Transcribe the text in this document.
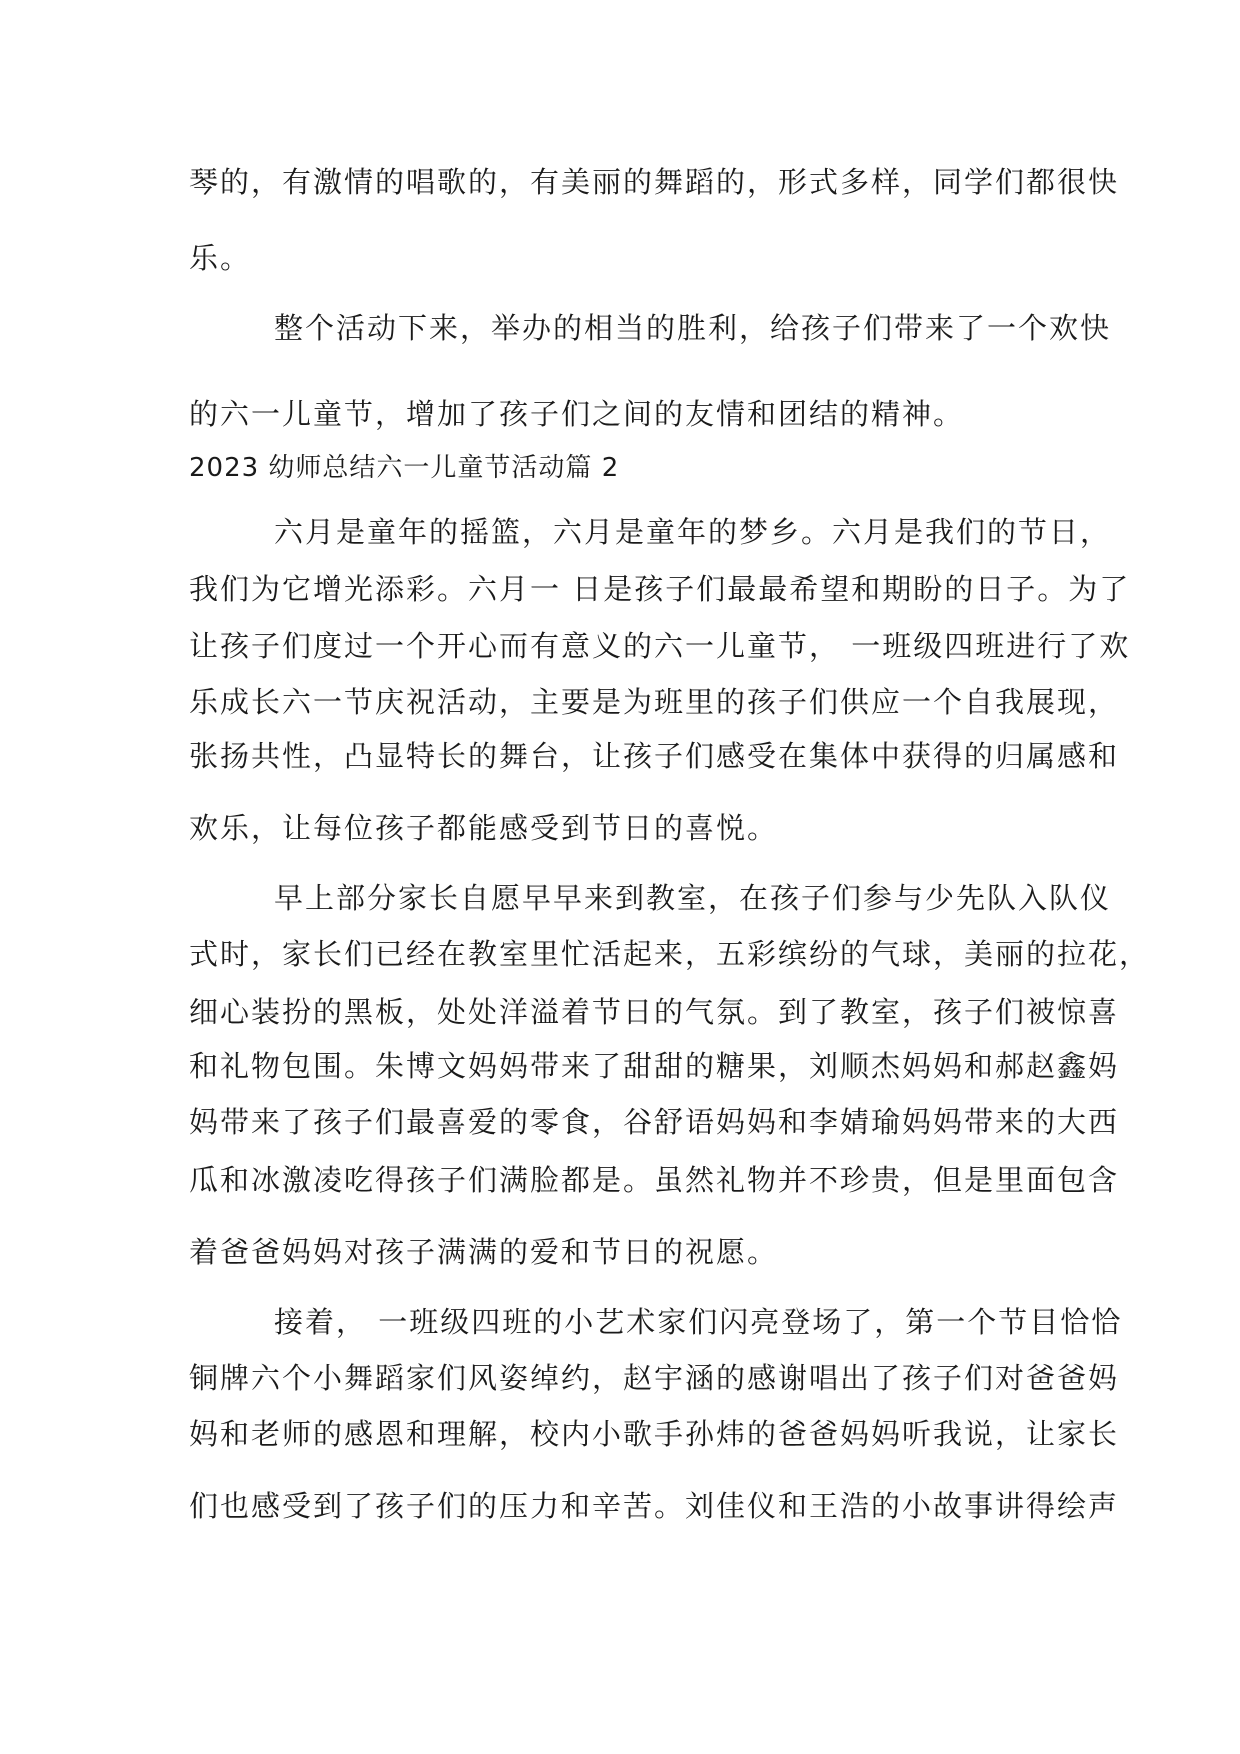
琴的，有激情的唱歌的，有美丽的舞蹈的，形式多样，同学们都很快
乐。
整个活动下来，举办的相当的胜利，给孩子们带来了一个欢快
的六一儿童节，增加了孩子们之间的友情和团结的精神。
2023 幼师总结六一儿童节活动篇 2
六月是童年的摇篮，六月是童年的梦乡。六月是我们的节日，
我们为它增光添彩。六月一 日是孩子们最最希望和期盼的日子。为了
让孩子们度过一个开心而有意义的六一儿童节， 一班级四班进行了欢
乐成长六一节庆祝活动，主要是为班里的孩子们供应一个自我展现，
张扬共性，凸显特长的舞台，让孩子们感受在集体中获得的归属感和
欢乐，让每位孩子都能感受到节日的喜悦。
早上部分家长自愿早早来到教室，在孩子们参与少先队入队仪
式时，家长们已经在教室里忙活起来，五彩缤纷的气球，美丽的拉花，
细心装扮的黑板，处处洋溢着节日的气氛。到了教室，孩子们被惊喜
和礼物包围。朱博文妈妈带来了甜甜的糖果，刘顺杰妈妈和郝赵鑫妈
妈带来了孩子们最喜爱的零食，谷舒语妈妈和李婧瑜妈妈带来的大西
瓜和冰激凌吃得孩子们满脸都是。虽然礼物并不珍贵，但是里面包含
着爸爸妈妈对孩子满满的爱和节日的祝愿。
接着， 一班级四班的小艺术家们闪亮登场了，第一个节目恰恰
铜牌六个小舞蹈家们风姿绰约，赵宇涵的感谢唱出了孩子们对爸爸妈
妈和老师的感恩和理解，校内小歌手孙炜的爸爸妈妈听我说，让家长
们也感受到了孩子们的压力和辛苦。刘佳仪和王浩的小故事讲得绘声
